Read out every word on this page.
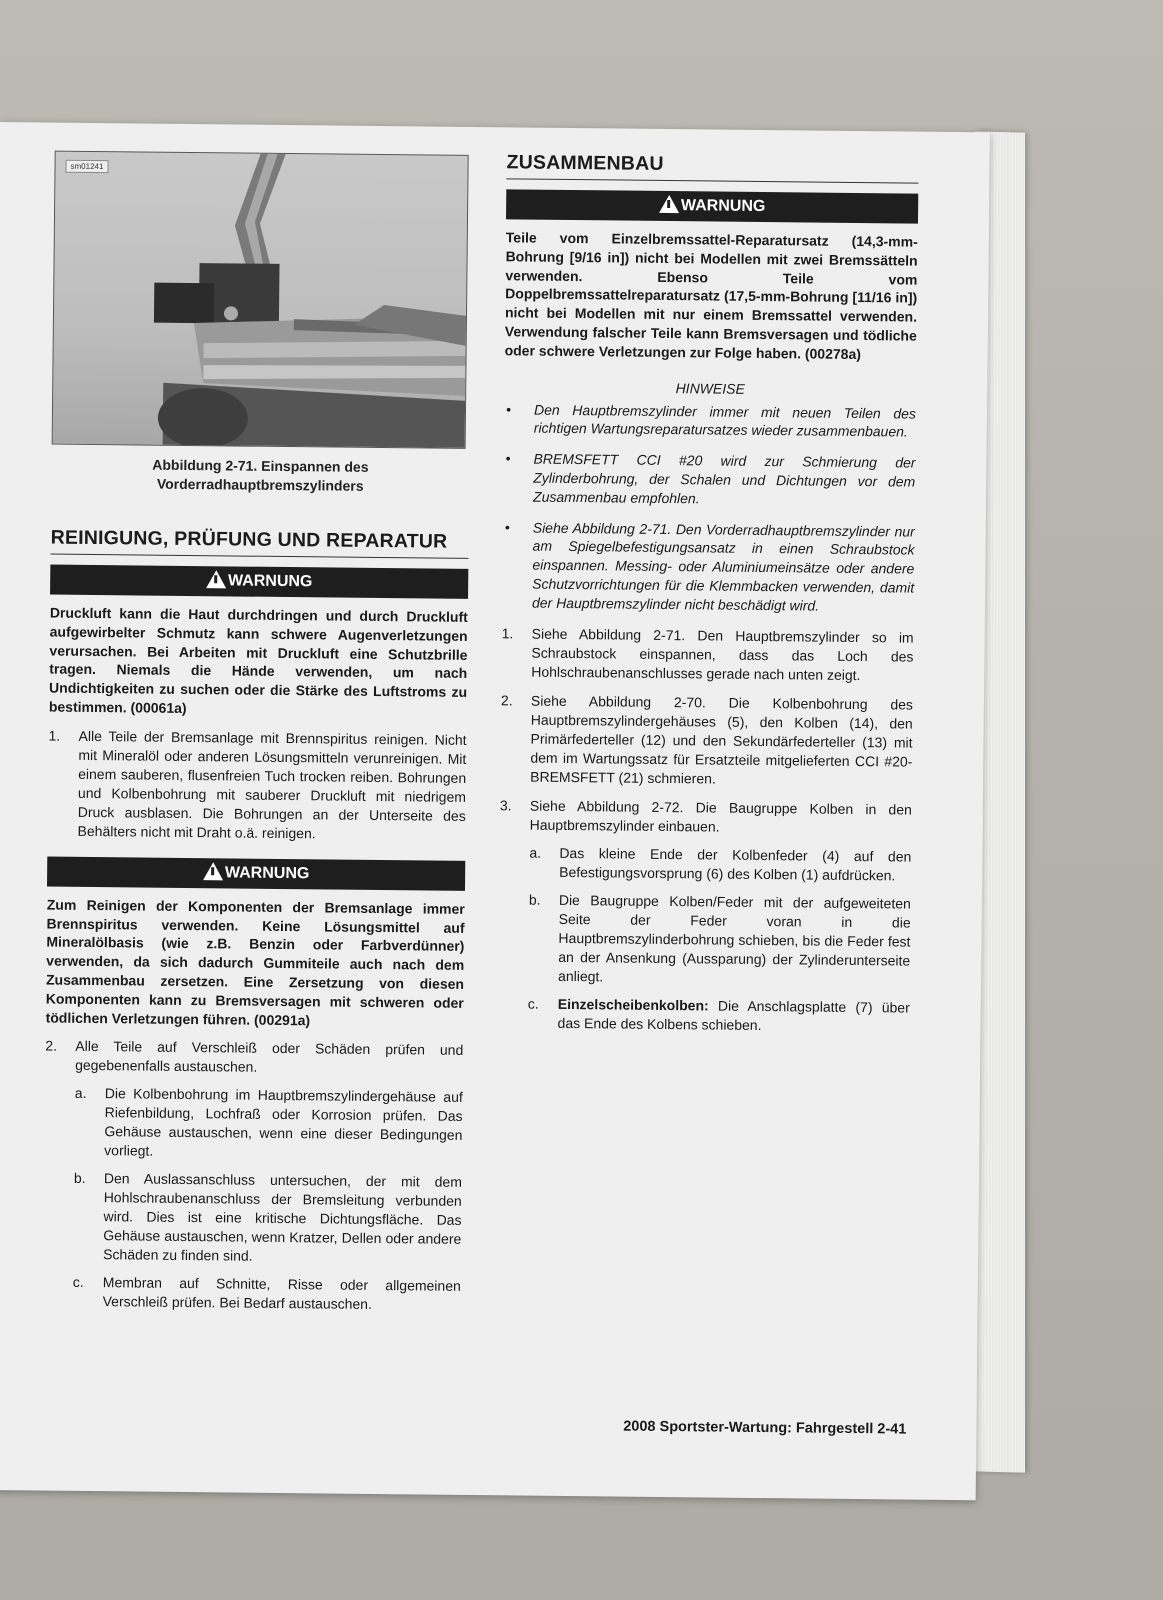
sm01241
Abbildung 2-71. Einspannen des
Vorderradhauptbremszylinders
REINIGUNG, PRÜFUNG UND REPARATUR
WARNUNG
Druckluft kann die Haut durchdringen und durch Druckluft aufgewirbelter Schmutz kann schwere Augenverletzungen verursachen. Bei Arbeiten mit Druckluft eine Schutzbrille tragen. Niemals die Hände verwenden, um nach Undichtigkeiten zu suchen oder die Stärke des Luftstroms zu bestimmen. (00061a)
1. Alle Teile der Bremsanlage mit Brennspiritus reinigen. Nicht mit Mineralöl oder anderen Lösungsmitteln verunreinigen. Mit einem sauberen, flusenfreien Tuch trocken reiben. Bohrungen und Kolbenbohrung mit sauberer Druckluft mit niedrigem Druck ausblasen. Die Bohrungen an der Unterseite des Behälters nicht mit Draht o.ä. reinigen.
WARNUNG
Zum Reinigen der Komponenten der Bremsanlage immer Brennspiritus verwenden. Keine Lösungsmittel auf Mineralölbasis (wie z.B. Benzin oder Farbverdünner) verwenden, da sich dadurch Gummiteile auch nach dem Zusammenbau zersetzen. Eine Zersetzung von diesen Komponenten kann zu Bremsversagen mit schweren oder tödlichen Verletzungen führen. (00291a)
2. Alle Teile auf Verschleiß oder Schäden prüfen und gegebenenfalls austauschen.
a. Die Kolbenbohrung im Hauptbremszylindergehäuse auf Riefenbildung, Lochfraß oder Korrosion prüfen. Das Gehäuse austauschen, wenn eine dieser Bedingungen vorliegt.
b. Den Auslassanschluss untersuchen, der mit dem Hohlschraubenanschluss der Bremsleitung verbunden wird. Dies ist eine kritische Dichtungsfläche. Das Gehäuse austauschen, wenn Kratzer, Dellen oder andere Schäden zu finden sind.
c. Membran auf Schnitte, Risse oder allgemeinen Verschleiß prüfen. Bei Bedarf austauschen.
ZUSAMMENBAU
WARNUNG
Teile vom Einzelbremssattel-Reparatursatz (14,3-mm-Bohrung [9/16 in]) nicht bei Modellen mit zwei Bremssätteln verwenden. Ebenso Teile vom Doppelbremssattelreparatursatz (17,5-mm-Bohrung [11/16 in]) nicht bei Modellen mit nur einem Bremssattel verwenden. Verwendung falscher Teile kann Bremsversagen und tödliche oder schwere Verletzungen zur Folge haben. (00278a)
HINWEISE
• Den Hauptbremszylinder immer mit neuen Teilen des richtigen Wartungsreparatursatzes wieder zusammenbauen.
• BREMSFETT CCI #20 wird zur Schmierung der Zylinderbohrung, der Schalen und Dichtungen vor dem Zusammenbau empfohlen.
• Siehe Abbildung 2-71. Den Vorderradhauptbremszylinder nur am Spiegelbefestigungsansatz in einen Schraubstock einspannen. Messing- oder Aluminiumeinsätze oder andere Schutzvorrichtungen für die Klemmbacken verwenden, damit der Hauptbremszylinder nicht beschädigt wird.
1. Siehe Abbildung 2-71. Den Hauptbremszylinder so im Schraubstock einspannen, dass das Loch des Hohlschraubenanschlusses gerade nach unten zeigt.
2. Siehe Abbildung 2-70. Die Kolbenbohrung des Hauptbremszylindergehäuses (5), den Kolben (14), den Primärfederteller (12) und den Sekundärfederteller (13) mit dem im Wartungssatz für Ersatzteile mitgelieferten CCI #20-BREMSFETT (21) schmieren.
3. Siehe Abbildung 2-72. Die Baugruppe Kolben in den Hauptbremszylinder einbauen.
a. Das kleine Ende der Kolbenfeder (4) auf den Befestigungsvorsprung (6) des Kolben (1) aufdrücken.
b. Die Baugruppe Kolben/Feder mit der aufgeweiteten Seite der Feder voran in die Hauptbremszylinderbohrung schieben, bis die Feder fest an der Ansenkung (Aussparung) der Zylinderunterseite anliegt.
c. Einzelscheibenkolben: Die Anschlagsplatte (7) über das Ende des Kolbens schieben.
2008 Sportster-Wartung: Fahrgestell 2-41
